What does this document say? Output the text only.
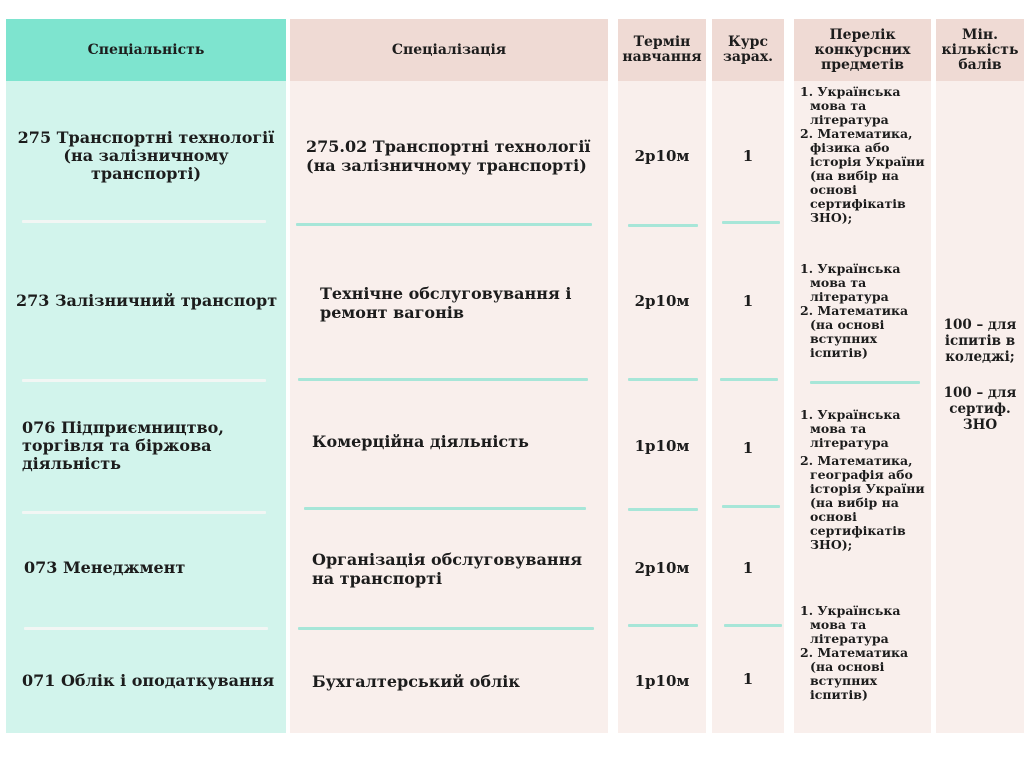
Спеціальність
275 Транспортні технології (на залізничному транспорті)
273 Залізничний транспорт
076 Підприємництво, торгівля та біржова діяльність
073 Менеджмент
071 Облік і оподаткування
Спеціалізація
275.02 Транспортні технології (на залізничному транспорті)
Технічне обслуговування і ремонт вагонів
Комерційна діяльність
Організація обслуговування на транспорті
Бухгалтерський облік
Термін навчання
2р10м
2р10м
1р10м
2р10м
1р10м
Курс зарах.
1
1
1
1
1
Перелік конкурсних предметів
1. Українська
мова та
література
2. Математика,
фізика або
історія України
(на вибір на
основі
сертифікатів
ЗНО);
1. Українська
мова та
література
2. Математика
(на основі
вступних
іспитів)
1. Українська
мова та
література
2. Математика,
географія або
історія України
(на вибір на
основі
сертифікатів
ЗНО);
1. Українська
мова та
література
2. Математика
(на основі
вступних
іспитів)
Мін. кількість балів
100 – для
іспитів в
коледжі;
100 – для
сертиф.
ЗНО
